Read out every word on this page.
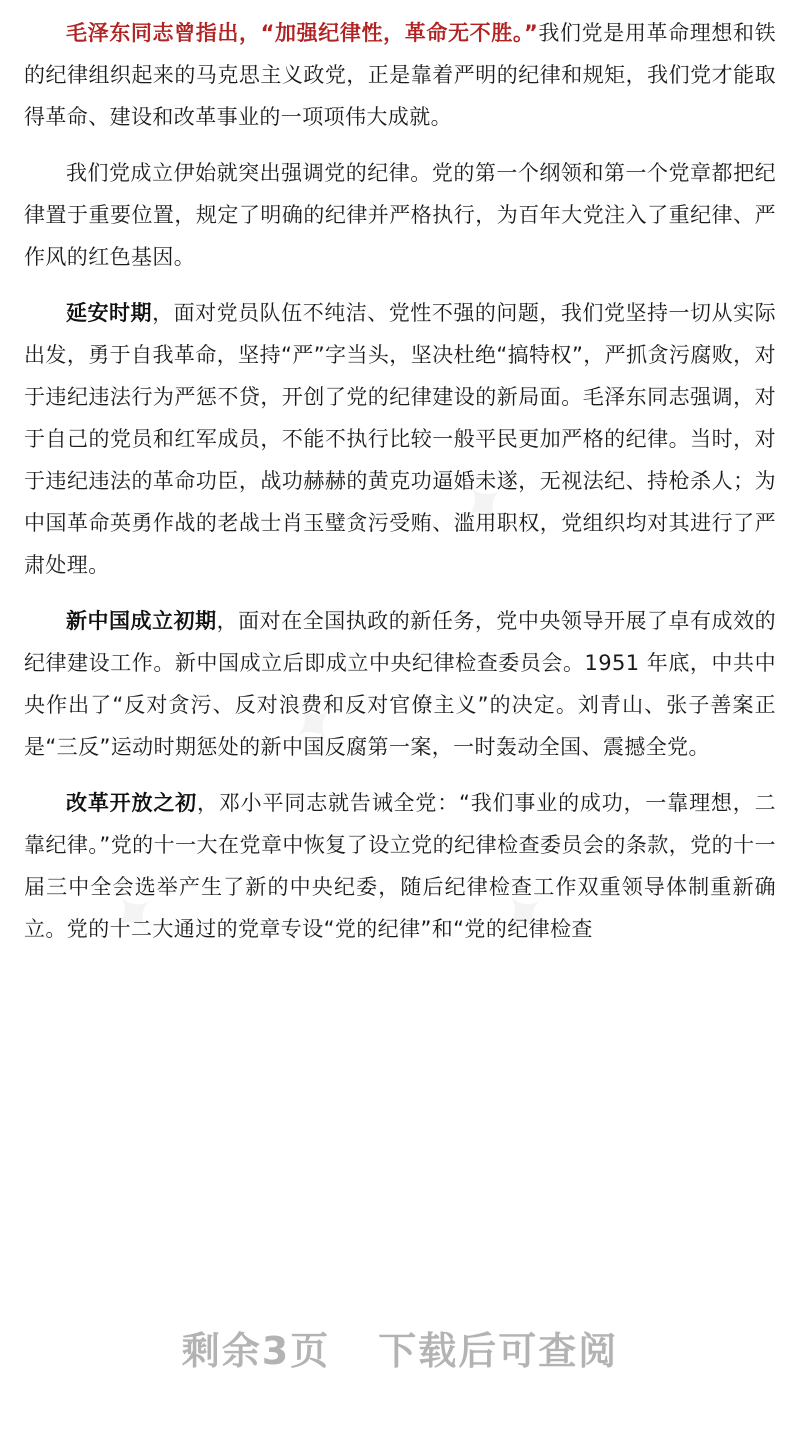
毛泽东同志曾指出，“加强纪律性，革命无不胜。”我们党是用革命理想和铁的纪律组织起来的马克思主义政党，正是靠着严明的纪律和规矩，我们党才能取得革命、建设和改革事业的一项项伟大成就。

我们党成立伊始就突出强调党的纪律。党的第一个纲领和第一个党章都把纪律置于重要位置，规定了明确的纪律并严格执行，为百年大党注入了重纪律、严作风的红色基因。

延安时期，面对党员队伍不纯洁、党性不强的问题，我们党坚持一切从实际出发，勇于自我革命，坚持“严”字当头，坚决杜绝“搞特权”，严抓贪污腐败，对于违纪违法行为严惩不贷，开创了党的纪律建设的新局面。毛泽东同志强调，对于自己的党员和红军成员，不能不执行比较一般平民更加严格的纪律。当时，对于违纪违法的革命功臣，战功赫赫的黄克功逼婚未遂，无视法纪、持枪杀人；为中国革命英勇作战的老战士肖玉璧贪污受贿、滥用职权，党组织均对其进行了严肃处理。

新中国成立初期，面对在全国执政的新任务，党中央领导开展了卓有成效的纪律建设工作。新中国成立后即成立中央纪律检查委员会。1951 年底，中共中央作出了“反对贪污、反对浪费和反对官僚主义”的决定。刘青山、张子善案正是“三反”运动时期惩处的新中国反腐第一案，一时轰动全国、震撼全党。

改革开放之初，邓小平同志就告诫全党：“我们事业的成功，一靠理想，二靠纪律。”党的十一大在党章中恢复了设立党的纪律检查委员会的条款，党的十一届三中全会选举产生了新的中央纪委，随后纪律检查工作双重领导体制重新确立。党的十二大通过的党章专设“党的纪律”和“党的纪律检查

剩余3页 下载后可查阅
